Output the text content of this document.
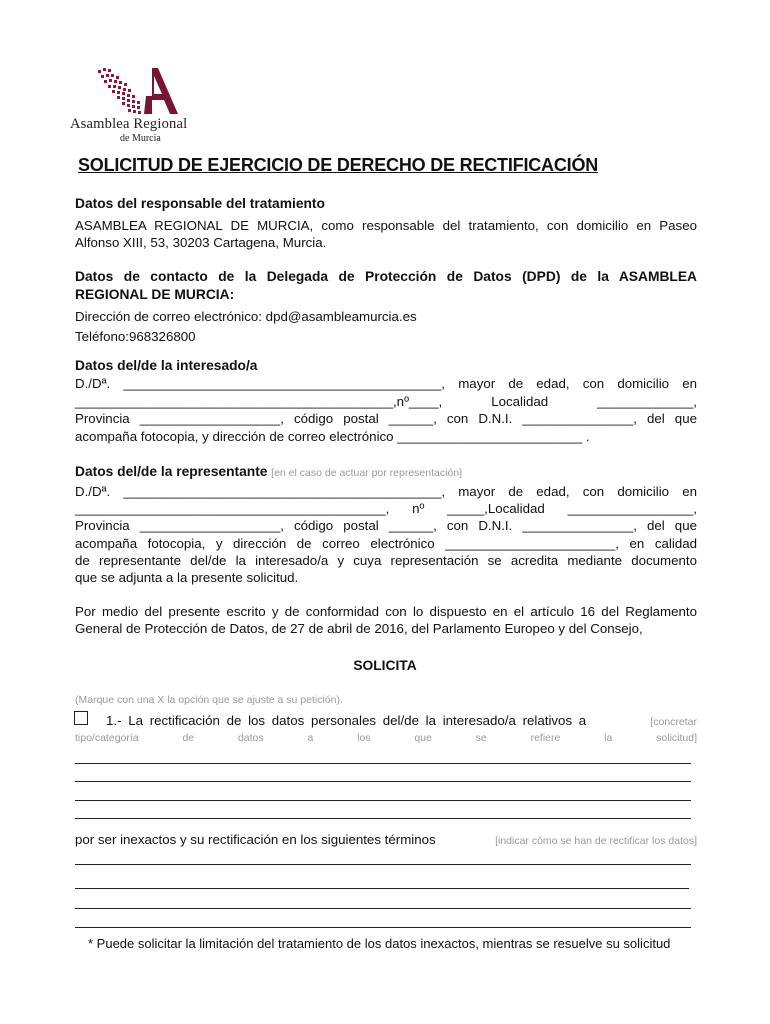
Asamblea Regional
de Murcia
SOLICITUD DE EJERCICIO DE DERECHO DE RECTIFICACIÓN
Datos del responsable del tratamiento
ASAMBLEA REGIONAL DE MURCIA, como responsable del tratamiento, con domicilio en Paseo
Alfonso XIII, 53, 30203 Cartagena, Murcia.
Datos de contacto de la Delegada de Protección de Datos (DPD) de la ASAMBLEA
REGIONAL DE MURCIA:
Dirección de correo electrónico: dpd@asambleamurcia.es
Teléfono:968326800
Datos del/de la interesado/a
D./Dª. ___________________________________________, mayor de edad, con domicilio en
___________________________________________,nº____,      Localidad      _____________,
Provincia ___________________, código postal ______, con D.N.I. _______________, del que
acompaña fotocopia, y dirección de correo electrónico _________________________ .
Datos del/de la representante [en el caso de actuar por representación]
D./Dª. ___________________________________________, mayor de edad, con domicilio en
__________________________________________, nº _____,Localidad _________________,
Provincia ___________________, código postal ______, con D.N.I. _______________, del que
acompaña fotocopia, y dirección de correo electrónico _______________________, en calidad
de representante del/de la interesado/a y cuya representación se acredita mediante documento
que se adjunta a la presente solicitud.
Por medio del presente escrito y de conformidad con lo dispuesto en el artículo 16 del Reglamento
General de Protección de Datos, de 27 de abril de 2016, del Parlamento Europeo y del Consejo,
SOLICITA
(Marque con una X la opción que se ajuste a su petición).
1.- La rectificación de los datos personales del/de la interesado/a relativos a	[concretar
tipo/categoría de datos a los que se refiere la solicitud]
por ser inexactos y su rectificación en los siguientes términos	[indicar cómo se han de rectificar los datos]
* Puede solicitar la limitación del tratamiento de los datos inexactos, mientras se resuelve su solicitud
